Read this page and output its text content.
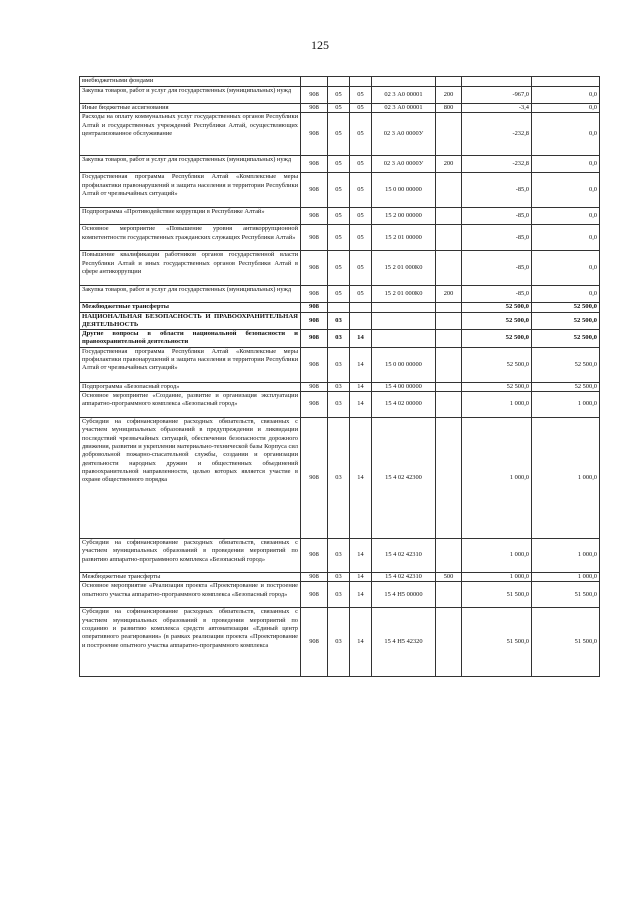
125
внебюджетными фондами							
Закупка товаров, работ и услуг для государственных (муниципальных) нужд	908	05	05	02 3 А0 00001	200	-967,0	0,0
Иные бюджетные ассигнования	908	05	05	02 3 А0 00001	800	-3,4	0,0
Расходы на оплату коммунальных услуг государственных органов Республики Алтай и государственных учреждений Республики Алтай, осуществляющих централизованное обслуживание	908	05	05	02 3 А0 0000У		-232,8	0,0
Закупка товаров, работ и услуг для государственных (муниципальных) нужд	908	05	05	02 3 А0 0000У	200	-232,8	0,0
Государственная программа Республики Алтай «Комплексные меры профилактики правонарушений и защита населения и территории Республики Алтай от чрезвычайных ситуаций»	908	05	05	15 0 00 00000		-85,0	0,0
Подпрограмма «Противодействие коррупции в Республике Алтай»	908	05	05	15 2 00 00000		-85,0	0,0
Основное мероприятие «Повышение уровня антикоррупционной компетентности государственных гражданских служащих Республики Алтай»	908	05	05	15 2 01 00000		-85,0	0,0
Повышение квалификации работников органов государственной власти Республики Алтай и иных государственных органов Республики Алтай в сфере антикоррупции	908	05	05	15 2 01 000К0		-85,0	0,0
Закупка товаров, работ и услуг для государственных (муниципальных) нужд	908	05	05	15 2 01 000К0	200	-85,0	0,0
Межбюджетные трансферты	908					52 500,0	52 500,0
НАЦИОНАЛЬНАЯ БЕЗОПАСНОСТЬ И ПРАВООХРАНИТЕЛЬНАЯ ДЕЯТЕЛЬНОСТЬ	908	03				52 500,0	52 500,0
Другие вопросы в области национальной безопасности и правоохранительной деятельности	908	03	14			52 500,0	52 500,0
Государственная программа Республики Алтай «Комплексные меры профилактики правонарушений и защита населения и территории Республики Алтай от чрезвычайных ситуаций»	908	03	14	15 0 00 00000		52 500,0	52 500,0
Подпрограмма «Безопасный город»	908	03	14	15 4 00 00000		52 500,0	52 500,0
Основное мероприятие «Создание, развитие и организация эксплуатации аппаратно-программного комплекса «Безопасный город»	908	03	14	15 4 02 00000		1 000,0	1 000,0
Субсидии на софинансирование расходных обязательств, связанных с участием муниципальных образований в предупреждении и ликвидации последствий чрезвычайных ситуаций, обеспечении безопасности дорожного движения, развитии и укреплении материально-технической базы Корпуса сил добровольной пожарно-спасательной службы, создании и организации деятельности народных дружин и общественных объединений правоохранительной направленности, целью которых является участие в охране общественного порядка	908	03	14	15 4 02 42300		1 000,0	1 000,0
Субсидии на софинансирование расходных обязательств, связанных с участием муниципальных образований в проведении мероприятий по развитию аппаратно-программного комплекса «Безопасный город»	908	03	14	15 4 02 42310		1 000,0	1 000,0
Межбюджетные трансферты	908	03	14	15 4 02 42310	500	1 000,0	1 000,0
Основное мероприятие «Реализация проекта «Проектирование и построение опытного участка аппаратно-программного комплекса «Безопасный город»	908	03	14	15 4 Н5 00000		51 500,0	51 500,0
Субсидии на софинансирование расходных обязательств, связанных с участием муниципальных образований в проведении мероприятий по созданию и развитию комплекса средств автоматизации «Единый центр оперативного реагирования» (в рамках реализации проекта «Проектирование и построение опытного участка аппаратно-программного комплекса	908	03	14	15 4 Н5 42320		51 500,0	51 500,0
